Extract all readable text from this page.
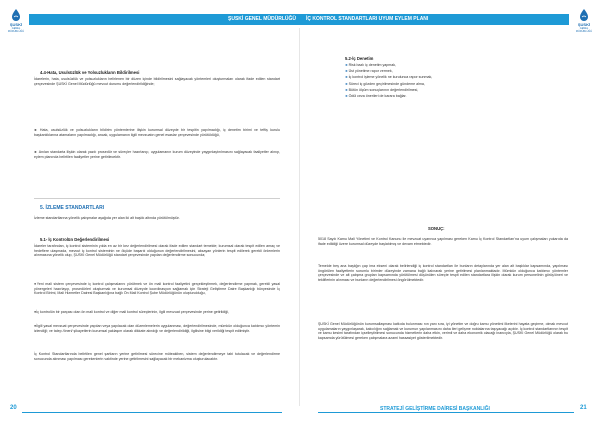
ŞUSKİ GENEL MÜDÜRLÜĞÜ İÇ KONTROL STANDARTLARI UYUM EYLEM PLANI
ŞUSKİ
GENEL MÜDÜRLÜĞÜ
ŞUSKİ
GENEL MÜDÜRLÜĞÜ
4.4-Hata, Usulsüzlük ve Yolsuzlukların Bildirilmesi
İdarelerin, hata, usulsüzlük ve yolsuzlukların belirlenen bir düzen içinde bildirilmesini sağlayacak yöntemleri oluşturmaları olarak ifade edilen standart çerçevesinde ŞUSKİ Genel Müdürlüğü mevcut durumu değerlendirildiğinde;
► Hata, usulsüzlük ve yolsuzlukların bildirim yöntemlerine ilişkin kurumsal düzeyde bir tespitin yapılmadığı, iç denetim birimi ve teftiş kurulu başkanlıklarına atamaların yapılmadığı, ancak, uygulamanın ilgili mevzuatın genel esaslar çerçevesinde yürütüldüğü,
► Anılan standarta ilişkin olarak yazılı prosedür ve süreçler hazırlanıp, uygulamanın kurum düzeyinde yaygınlaştırılmasını sağlayacak faaliyetler alınıp, eylem planında belirtilen faaliyetler yerine getirilecektir.
5. İZLEME STANDARTLARI
İzleme standartlarına yönelik çalışmalar aşağıda yer alan iki alt başlık altında yürütülmüştür.
5.1- İç Kontrolün Değerlendirilmesi
İdareler tarafından, iç kontrol sisteminin yılda en az bir kez değerlendirilmesi olarak ifade edilen standart temelde; kurumsal olarak tespit edilen amaç ve hedeflere ulaşmada, mevcut iç kontrol sisteminin ne ölçüde başarılı olduğunun değerlendirilmesini, aksayan yönlerin tespit edilerek gerekli önlemlerin alınmasına yönelik olup, ŞUSKİ Genel Müdürlüğü standart çerçevesinde yapılan değerlendirme sonucunda;
●Yeni mali sistem çerçevesinde iç kontrol çalışmalarını yürütmek ve ön mali kontrol faaliyetini gerçekleştirmek, değerlendirme yapmak, gerekli yasal yönergeleri hazırlayıp, prosedürleri oluşturmak ve kurumsal düzeyde koordinasyon sağlamak için Strateji Geliştirme Daire Başkanlığı bünyesinde İç Kontrol Birimi, Mali Hizmetler Dairesi Başkanlığına bağlı Ön Mali Kontrol Şube Müdürlüğünün oluşturulduğu,
●İç kontrolün bir parçası olan ön mali kontrol ve diğer mali kontrol süreçlerinin, ilgili mevzuat çerçevesinde yerine getirildiği,
●İlgili yasal mevzuat çerçevesinde yapılan veya yapılacak olan düzenlemelerin uygulanması, değerlendirilmesinde, mümkün olduğunca katılımcı yöntemin izlendiği; ve talep /öneri/ şikayetlerin kurumsal yaklaşım olarak dikkate alındığı ve değerlendirildiği, ilgilisine bilgi verildiği tespit edilmiştir.
İç Kontrol Standartlarında belirtilen genel şartların yerine getirilmesi sürecine müteakiben, sistem değerlendirmeye tabi tutulacak ve değerlendirme sonucunda alınması yapılması gerekenlerin vaktinde yerine getirilmesini sağlayacak bir mekanizma oluşturulacaktır.
5.2-İç Denetim
► Risk bazlı iç denetim yapmak,
► Üst yönetime rapor vermek,
► İç kontrol işleme yönelik ne kurulunca rapor sunmak,
► Süreci iç gözden geçirilmesinde gündeme alma,
► Bütün ölçüm sonuçlarının değerlendirilmesi,
► Ödül ceza önerileri de karara bağlar.
SONUÇ:
5018 Sayılı Kamu Mali Yönetimi ve Kontrol Kanunu ile mevzuat uyarınca yapılması gereken Kamu İç Kontrol Standartları'na uyum çalışmaları yukarıda da ifade edildiği üzere kurumsal düzeyde başlatılmış ve devam etmektedir.
Temelde beş ana başlığın çap ima ekseni olarak belirlendiği iç kontrol standartları ile bunların detaylarında yer alan alt başlıklar kapsamında, yapılması öngörülen faaliyetlerin sorumlu birimler düzeyinde zamana bağlı kalınarak yerine getirilmesi planlanmaktadır. Mümkün olduğunca katılımcı yöntemler çerçevesinde ve alt çalışma grupları kapsamında yürütülmesi düşünülen süreçte tespit edilen standartlara ilişkin olarak kurum personelinin görüş/öneri ve tekliflerinin alınması ve bunların değerlendirilmesi öngörülmektedir.
ŞUSKİ Genel Müdürlüğünün kurumsallaşması katkıda bulunması nın yanı sıra, iyi yönetim ve doğru kamu yönetimi ilkelerini hayata geçirme, olmak mevcut uygulamaların yaygınlaşarak, kalıcılığını sağlamak ve kurumun yapılanmasını daha ileri gelişme noktalarına taşıyacağı açıktır. İç kontrol standartlarının tespit ve kamu kesimi tarafından içselleştirilmesi sonucunda hizmetlerin daha etkin, verimli ve daha ekonomik olacağı inancıyla, ŞUSKİ Genel Müdürlüğü olarak bu kapsamda yürütülmesi gereken çalışmalara azami hassasiyet gösterilmektedir.
20	21
STRATEJİ GELİŞTİRME DAİRESİ BAŞKANLIĞI
